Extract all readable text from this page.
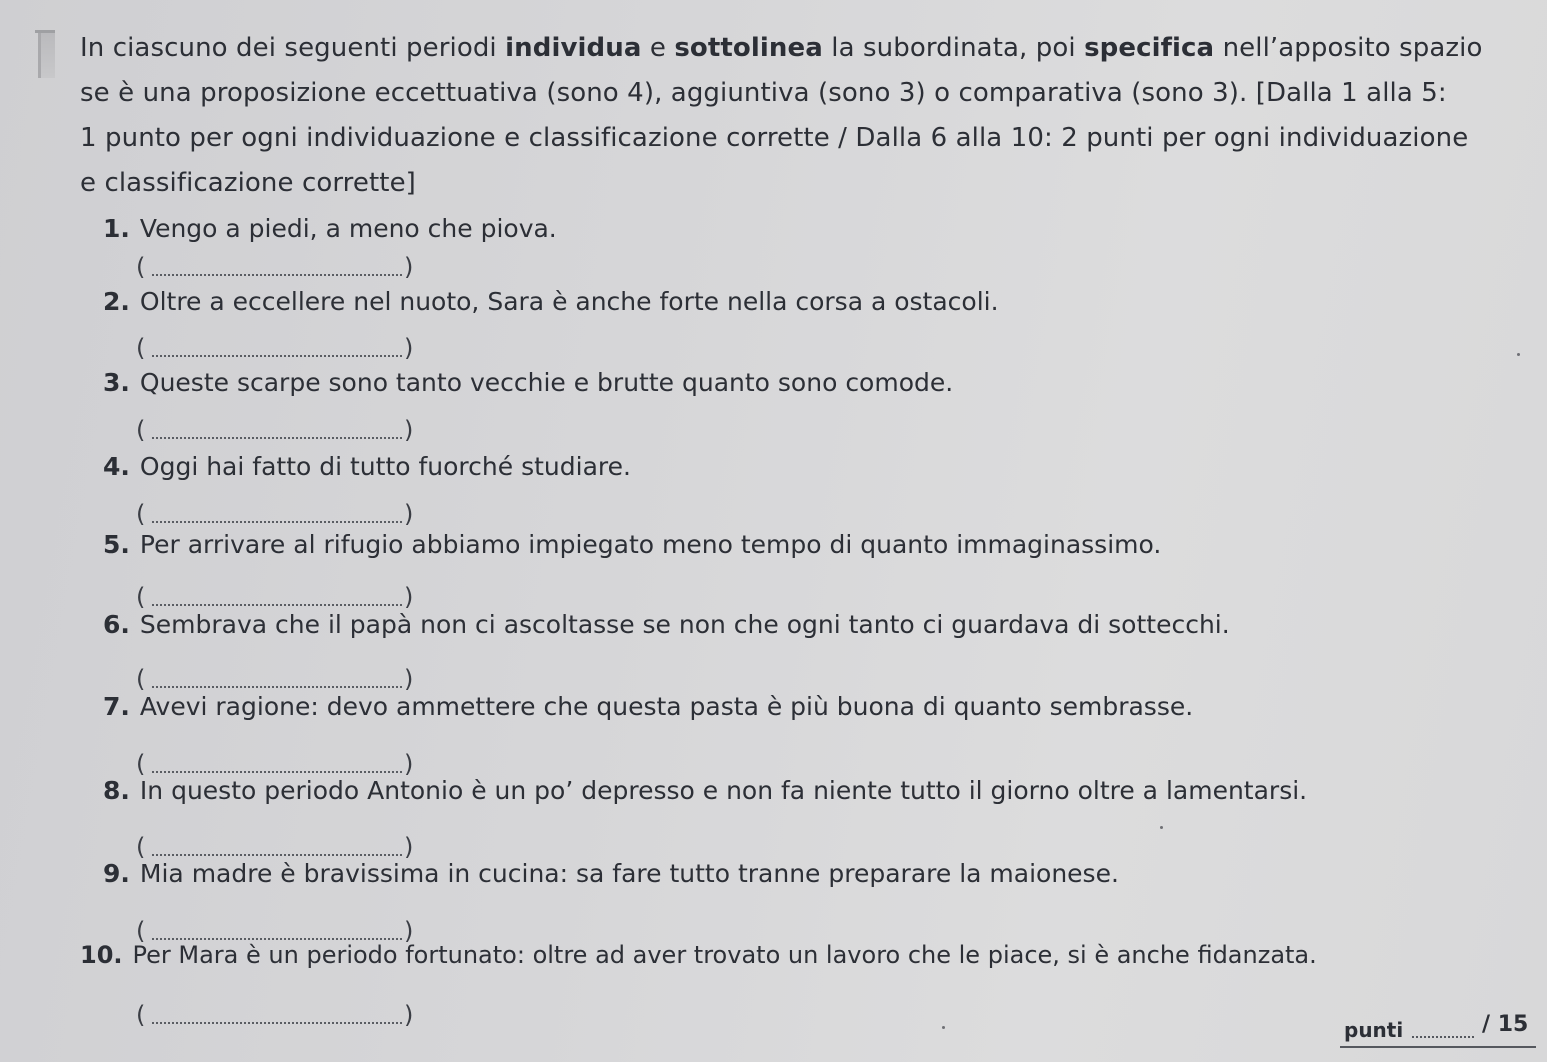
In ciascuno dei seguenti periodi individua e sottolinea la subordinata, poi specifica nell’apposito spazio
se è una proposizione eccettuativa (sono 4), aggiuntiva (sono 3) o comparativa (sono 3). [Dalla 1 alla 5:
1 punto per ogni individuazione e classificazione corrette / Dalla 6 alla 10: 2 punti per ogni individuazione
e classificazione corrette]
1. Vengo a piedi, a meno che piova.
(	)
2. Oltre a eccellere nel nuoto, Sara è anche forte nella corsa a ostacoli.
(	)
3. Queste scarpe sono tanto vecchie e brutte quanto sono comode.
(	)
4. Oggi hai fatto di tutto fuorché studiare.
(	)
5. Per arrivare al rifugio abbiamo impiegato meno tempo di quanto immaginassimo.
(	)
6. Sembrava che il papà non ci ascoltasse se non che ogni tanto ci guardava di sottecchi.
(	)
7. Avevi ragione: devo ammettere che questa pasta è più buona di quanto sembrasse.
(	)
8. In questo periodo Antonio è un po’ depresso e non fa niente tutto il giorno oltre a lamentarsi.
(	)
9. Mia madre è bravissima in cucina: sa fare tutto tranne preparare la maionese.
(	)
10. Per Mara è un periodo fortunato: oltre ad aver trovato un lavoro che le piace, si è anche fidanzata.
(	)
punti	/ 15
